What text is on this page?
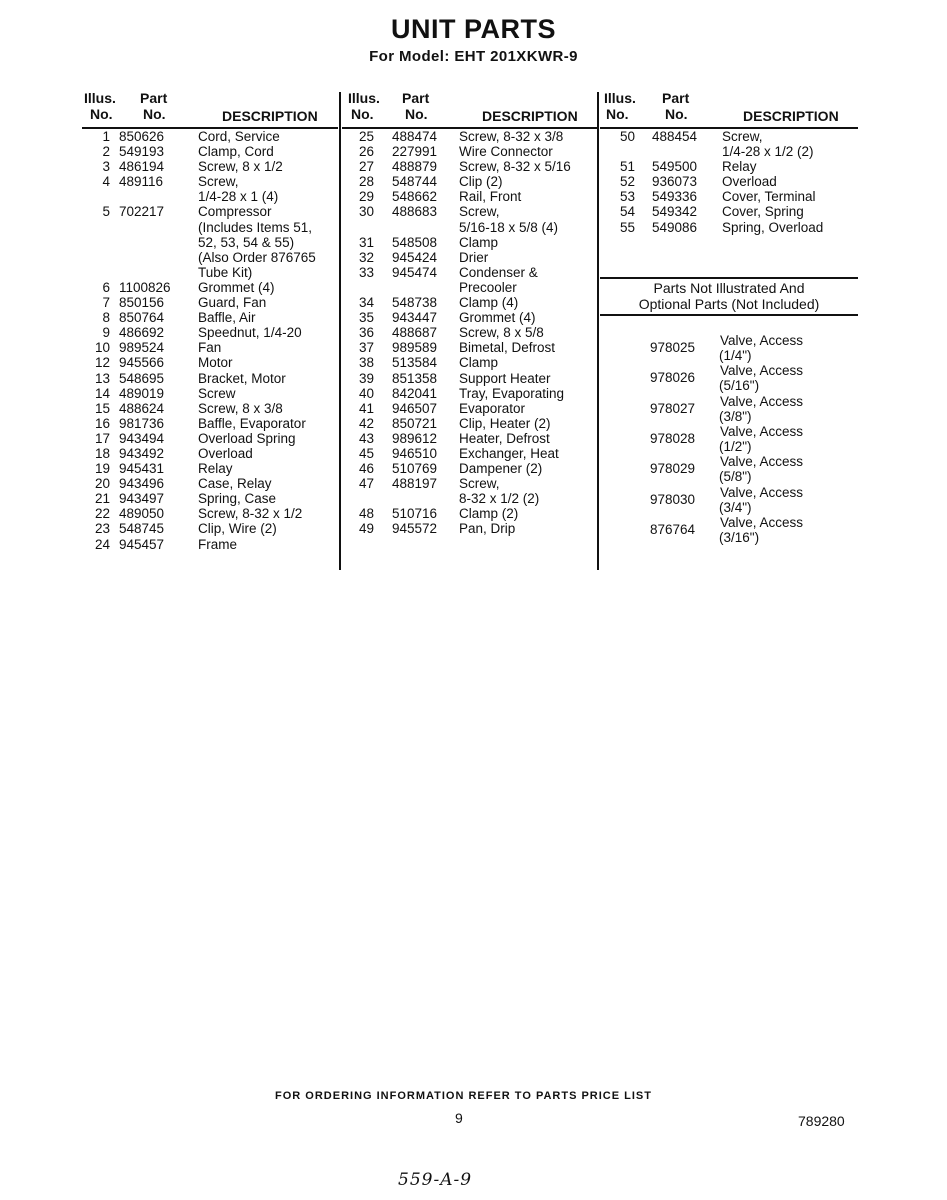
UNIT PARTS
For Model: EHT 201XKWR-9
Illus.
No.
Part
No.	DESCRIPTION
1 850626	Cord, Service
2 549193	Clamp, Cord
3 486194	Screw, 8 x 1/2
4 489116	Screw,
1/4-28 x 1 (4)
5 702217	Compressor
(Includes Items 51,
52, 53, 54 & 55)
(Also Order 876765
Tube Kit)
6 1100826 Grommet (4)
7 850156	Guard, Fan
8 850764	Baffle, Air
9 486692	Speednut, 1/4-20
10 989524	Fan
12 945566	Motor
13 548695	Bracket, Motor
14 489019	Screw
15 488624	Screw, 8 x 3/8
16 981736	Baffle, Evaporator
17 943494	Overload Spring
18 943492	Overload
19 945431	Relay
20 943496	Case, Relay
21 943497	Spring, Case
22 489050	Screw, 8-32 x 1/2
23 548745	Clip, Wire (2)
24 945457	Frame
Illus.
No.
Part
No.	DESCRIPTION
25 488474 Screw, 8-32 x 3/8
26 227991 Wire Connector
27 488879 Screw, 8-32 x 5/16
28 548744 Clip (2)
29 548662 Rail, Front
30 488683 Screw,
5/16-18 x 5/8 (4)
31 548508 Clamp
32 945424 Drier
33 945474 Condenser &
Precooler
34 548738 Clamp (4)
35 943447 Grommet (4)
36 488687 Screw, 8 x 5/8
37 989589 Bimetal, Defrost
38 513584 Clamp
39 851358 Support Heater
40 842041 Tray, Evaporating
41 946507 Evaporator
42 850721 Clip, Heater (2)
43 989612 Heater, Defrost
45 946510 Exchanger, Heat
46 510769 Dampener (2)
47 488197 Screw,
8-32 x 1/2 (2)
48 510716 Clamp (2)
49 945572 Pan, Drip
Illus.
No.
Part
No.	DESCRIPTION
50 488454 Screw,
1/4-28 x 1/2 (2)
51 549500 Relay
52 936073 Overload
53 549336 Cover, Terminal
54 549342 Cover, Spring
55 549086 Spring, Overload
Parts Not Illustrated And
Optional Parts (Not Included)
978025 Valve, Access
(1/4")
978026 Valve, Access
(5/16")
978027 Valve, Access
(3/8")
978028 Valve, Access
(1/2")
978029 Valve, Access
(5/8")
978030 Valve, Access
(3/4")
876764 Valve, Access
(3/16")
FOR ORDERING INFORMATION REFER TO PARTS PRICE LIST
9	789280
559-A-9
